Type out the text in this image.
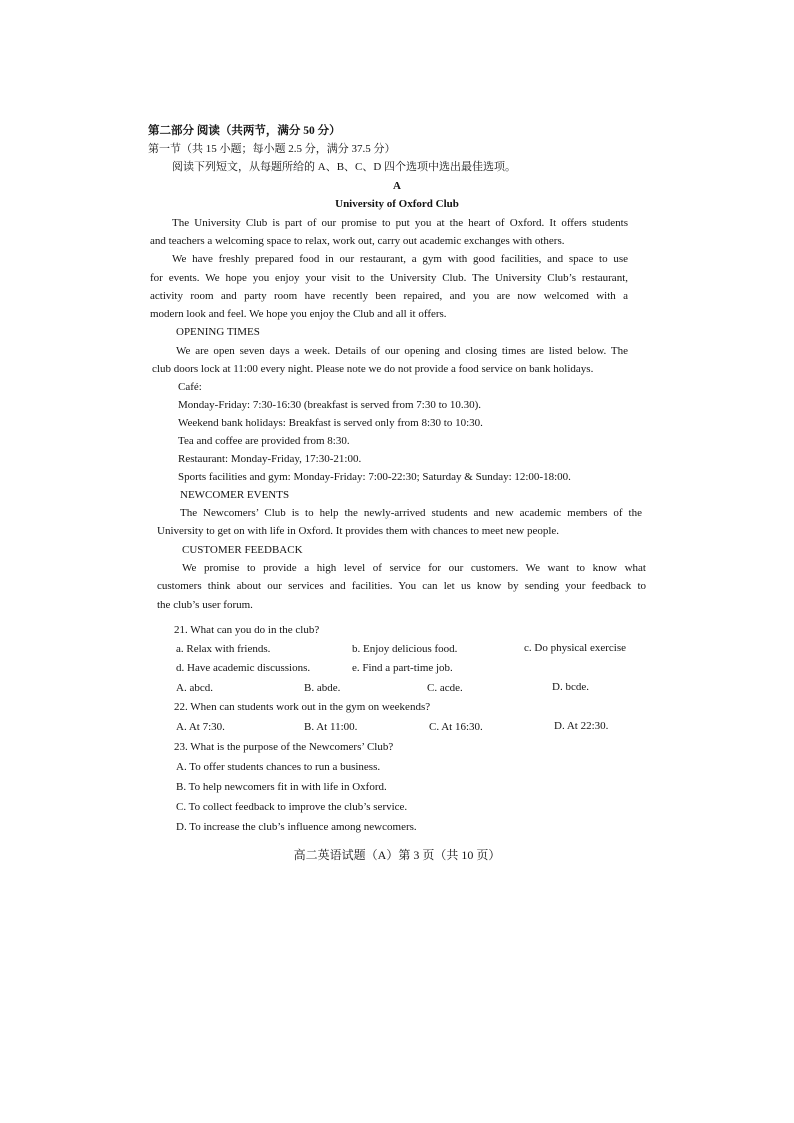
第二部分 阅读（共两节，满分 50 分）
第一节（共 15 小题；每小题 2.5 分，满分 37.5 分）
阅读下列短文，从每题所给的 A、B、C、D 四个选项中选出最佳选项。
A
University of Oxford Club
The University Club is part of our promise to put you at the heart of Oxford. It offers students
and teachers a welcoming space to relax, work out, carry out academic exchanges with others.
We have freshly prepared food in our restaurant, a gym with good facilities, and space to use
for events. We hope you enjoy your visit to the University Club. The University Club’s restaurant,
activity room and party room have recently been repaired, and you are now welcomed with a
modern look and feel. We hope you enjoy the Club and all it offers.
OPENING TIMES
We are open seven days a week. Details of our opening and closing times are listed below. The
club doors lock at 11:00 every night. Please note we do not provide a food service on bank holidays.
Café:
Monday-Friday: 7:30-16:30 (breakfast is served from 7:30 to 10.30).
Weekend bank holidays: Breakfast is served only from 8:30 to 10:30.
Tea and coffee are provided from 8:30.
Restaurant: Monday-Friday, 17:30-21:00.
Sports facilities and gym: Monday-Friday: 7:00-22:30; Saturday & Sunday: 12:00-18:00.
NEWCOMER EVENTS
The Newcomers’ Club is to help the newly-arrived students and new academic members of the
University to get on with life in Oxford. It provides them with chances to meet new people.
CUSTOMER FEEDBACK
We promise to provide a high level of service for our customers. We want to know what
customers think about our services and facilities. You can let us know by sending your feedback to
the club’s user forum.
21. What can you do in the club?
a. Relax with friends.	b. Enjoy delicious food.	c. Do physical exercise
d. Have academic discussions.	e. Find a part-time job.
A. abcd.	B. abde.	C. acde.	D. bcde.
22. When can students work out in the gym on weekends?
A. At 7:30.	B. At 11:00.	C. At 16:30.	D. At 22:30.
23. What is the purpose of the Newcomers’ Club?
A. To offer students chances to run a business.
B. To help newcomers fit in with life in Oxford.
C. To collect feedback to improve the club’s service.
D. To increase the club’s influence among newcomers.
高二英语试题（A）第 3 页（共 10 页）
